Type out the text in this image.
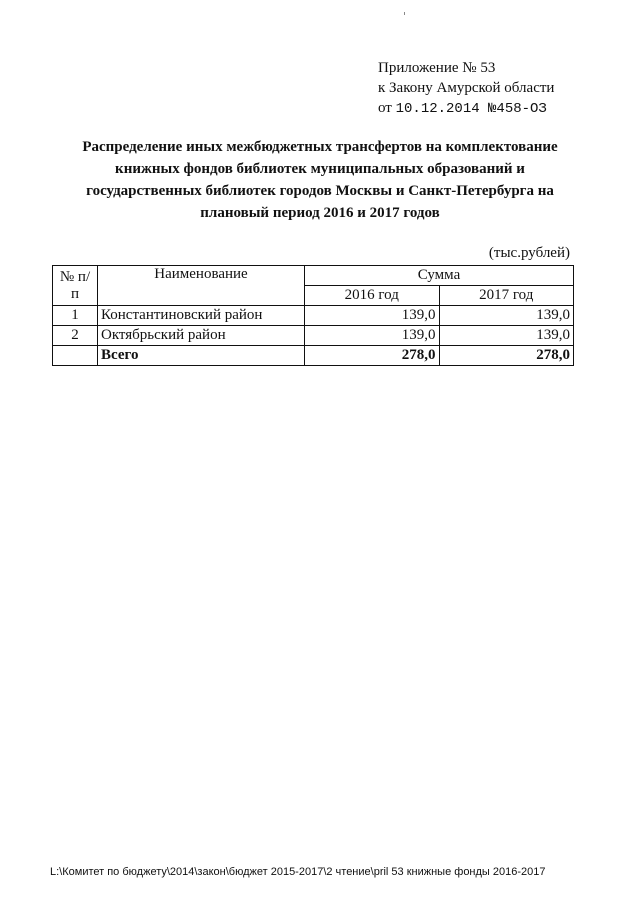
Приложение № 53
к Закону Амурской области
от 10.12.2014 №458-ОЗ
Распределение иных межбюджетных трансфертов на комплектование книжных фондов библиотек муниципальных образований и государственных библиотек городов Москвы и Санкт-Петербурга на плановый период 2016 и 2017 годов
(тыс.рублей)
№ п/п	Наименование	Сумма	
		2016 год	2017 год
1	Константиновский район	139,0	139,0
2	Октябрьский район	139,0	139,0
	Всего	278,0	278,0
L:\Комитет по бюджету\2014\закон\бюджет 2015-2017\2 чтение\pril 53 книжные фонды 2016-2017
